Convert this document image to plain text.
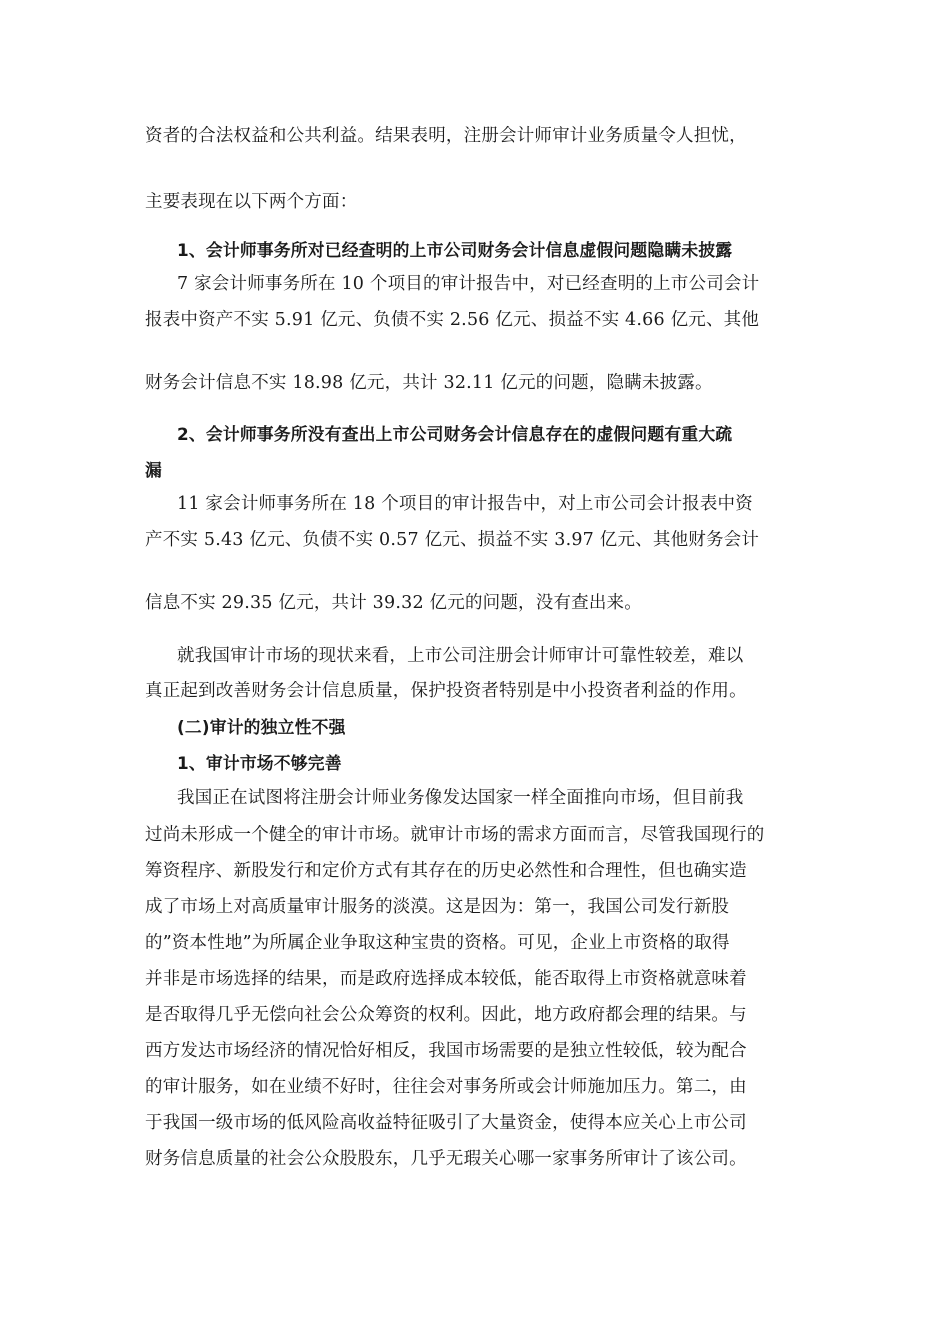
资者的合法权益和公共利益。结果表明，注册会计师审计业务质量令人担忧，
主要表现在以下两个方面：
1、会计师事务所对已经查明的上市公司财务会计信息虚假问题隐瞒未披露
7 家会计师事务所在 10 个项目的审计报告中，对已经查明的上市公司会计
报表中资产不实 5.91 亿元、负债不实 2.56 亿元、损益不实 4.66 亿元、其他
财务会计信息不实 18.98 亿元，共计 32.11 亿元的问题，隐瞒未披露。
2、会计师事务所没有查出上市公司财务会计信息存在的虚假问题有重大疏
漏
11 家会计师事务所在 18 个项目的审计报告中，对上市公司会计报表中资
产不实 5.43 亿元、负债不实 0.57 亿元、损益不实 3.97 亿元、其他财务会计
信息不实 29.35 亿元，共计 39.32 亿元的问题，没有查出来。
就我国审计市场的现状来看，上市公司注册会计师审计可靠性较差，难以
真正起到改善财务会计信息质量，保护投资者特别是中小投资者利益的作用。
(二)审计的独立性不强
1、审计市场不够完善
我国正在试图将注册会计师业务像发达国家一样全面推向市场，但目前我
过尚未形成一个健全的审计市场。就审计市场的需求方面而言，尽管我国现行的
筹资程序、新股发行和定价方式有其存在的历史必然性和合理性，但也确实造
成了市场上对高质量审计服务的淡漠。这是因为：第一，我国公司发行新股
的”资本性地”为所属企业争取这种宝贵的资格。可见，企业上市资格的取得
并非是市场选择的结果，而是政府选择成本较低，能否取得上市资格就意味着
是否取得几乎无偿向社会公众筹资的权利。因此，地方政府都会理的结果。与
西方发达市场经济的情况恰好相反，我国市场需要的是独立性较低，较为配合
的审计服务，如在业绩不好时，往往会对事务所或会计师施加压力。第二，由
于我国一级市场的低风险高收益特征吸引了大量资金，使得本应关心上市公司
财务信息质量的社会公众股股东，几乎无瑕关心哪一家事务所审计了该公司。
